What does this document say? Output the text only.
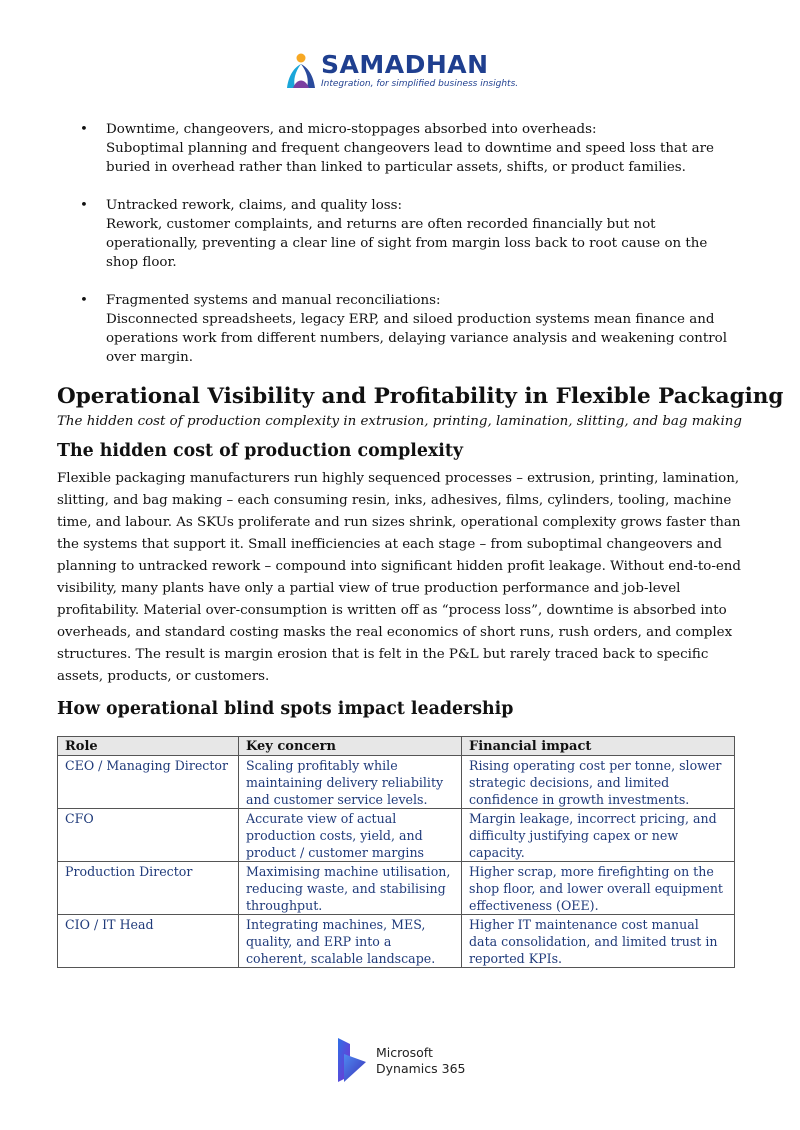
SAMADHAN
Integration, for simplified business insights.
• Downtime, changeovers, and micro-stoppages absorbed into overheads:
Suboptimal planning and frequent changeovers lead to downtime and speed loss that are buried in overhead rather than linked to particular assets, shifts, or product families.
• Untracked rework, claims, and quality loss:
Rework, customer complaints, and returns are often recorded financially but not operationally, preventing a clear line of sight from margin loss back to root cause on the shop floor.
• Fragmented systems and manual reconciliations:
Disconnected spreadsheets, legacy ERP, and siloed production systems mean finance and operations work from different numbers, delaying variance analysis and weakening control over margin.
Operational Visibility and Profitability in Flexible Packaging

The hidden cost of production complexity in extrusion, printing, lamination, slitting, and bag making

The hidden cost of production complexity

Flexible packaging manufacturers run highly sequenced processes – extrusion, printing, lamination, slitting, and bag making – each consuming resin, inks, adhesives, films, cylinders, tooling, machine time, and labour. As SKUs proliferate and run sizes shrink, operational complexity grows faster than the systems that support it. Small inefficiencies at each stage – from suboptimal changeovers and planning to untracked rework – compound into significant hidden profit leakage. Without end-to-end visibility, many plants have only a partial view of true production performance and job-level profitability. Material over-consumption is written off as “process loss”, downtime is absorbed into overheads, and standard costing masks the real economics of short runs, rush orders, and complex structures. The result is margin erosion that is felt in the P&L but rarely traced back to specific assets, products, or customers.

How operational blind spots impact leadership
Role	Key concern	Financial impact
CEO / Managing Director	Scaling profitably while maintaining delivery reliability and customer service levels.	Rising operating cost per tonne, slower strategic decisions, and limited confidence in growth investments.
CFO	Accurate view of actual production costs, yield, and product / customer margins	Margin leakage, incorrect pricing, and difficulty justifying capex or new capacity.
Production Director	Maximising machine utilisation, reducing waste, and stabilising throughput.	Higher scrap, more firefighting on the shop floor, and lower overall equipment effectiveness (OEE).
CIO / IT Head	Integrating machines, MES, quality, and ERP into a coherent, scalable landscape.	Higher IT maintenance cost manual data consolidation, and limited trust in reported KPIs.
Microsoft
Dynamics 365
